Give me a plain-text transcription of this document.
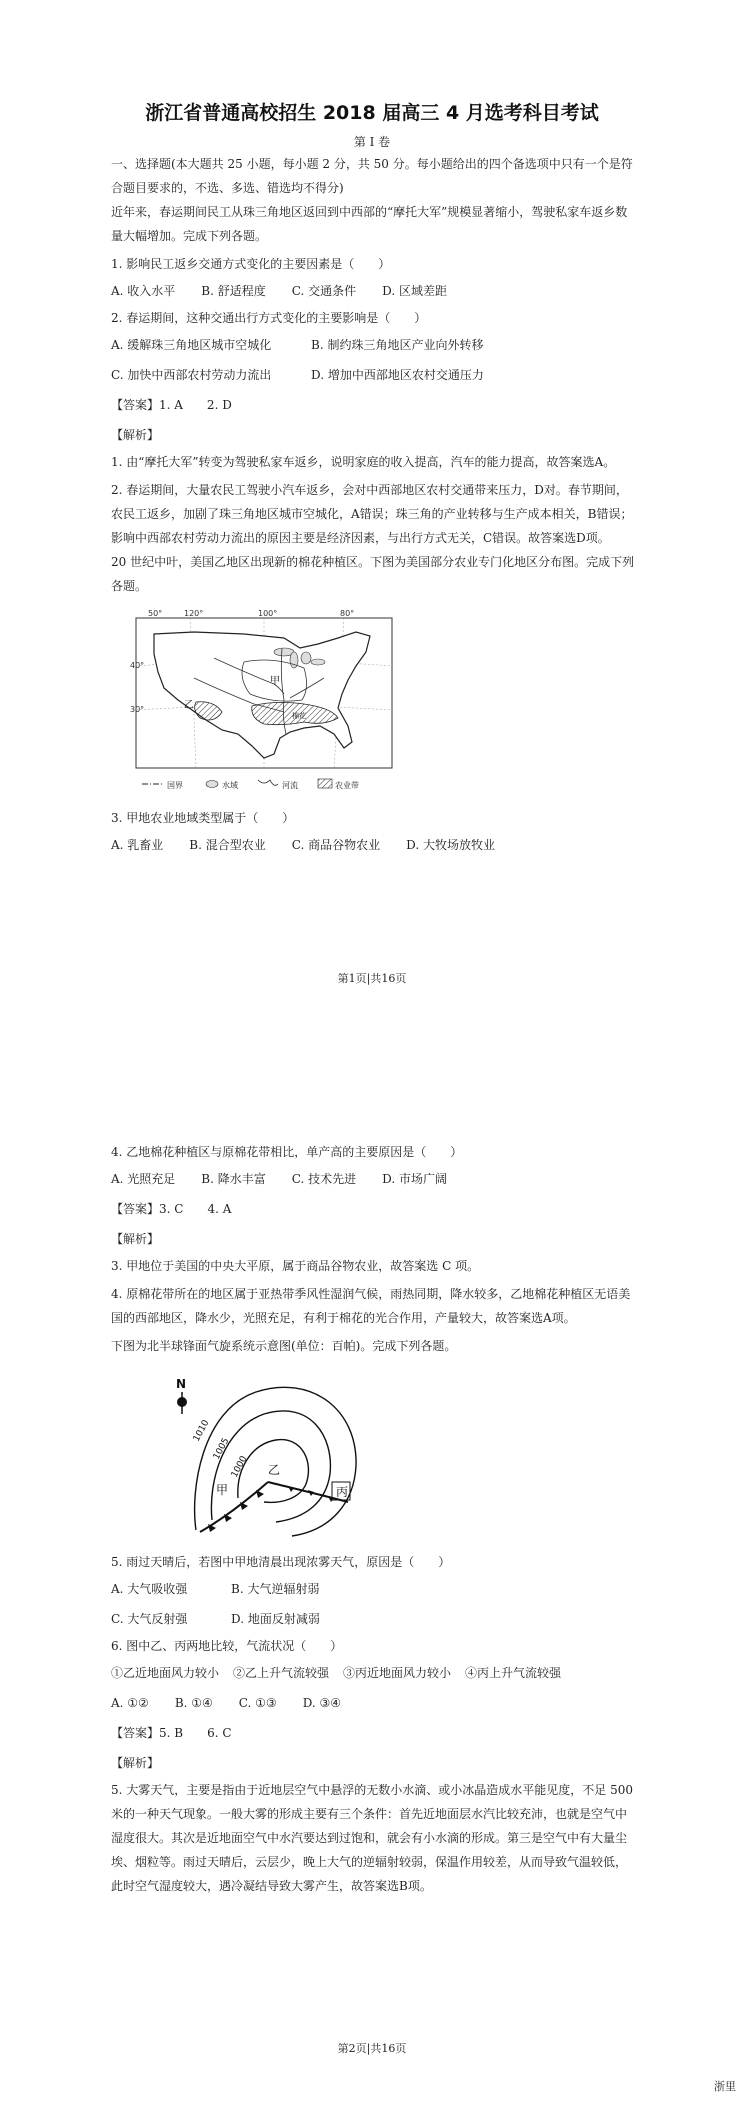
浙江省普通高校招生 2018 届高三 4 月选考科目考试
第 I 卷

一、选择题(本大题共 25 小题，每小题 2 分，共 50 分。每小题给出的四个备选项中只有一个是符合题目要求的，不选、多选、错选均不得分)

近年来，春运期间民工从珠三角地区返回到中西部的“摩托大军”规模显著缩小，驾驶私家车返乡数量大幅增加。完成下列各题。

1. 影响民工返乡交通方式变化的主要因素是（　　）

A. 收入水平 B. 舒适程度 C. 交通条件 D. 区域差距

2. 春运期间，这种交通出行方式变化的主要影响是（　　）

A. 缓解珠三角地区城市空城化	B. 制约珠三角地区产业向外转移
C. 加快中西部农村劳动力流出	D. 增加中西部地区农村交通压力
【答案】1. A　　2. D
【解析】

1. 由“摩托大军”转变为驾驶私家车返乡，说明家庭的收入提高，汽车的能力提高，故答案选A。

2. 春运期间，大量农民工驾驶小汽车返乡，会对中西部地区农村交通带来压力，D对。春节期间，农民工返乡，加剧了珠三角地区城市空城化，A错误；珠三角的产业转移与生产成本相关，B错误；影响中西部农村劳动力流出的原因主要是经济因素，与出行方式无关，C错误。故答案选D项。

20 世纪中叶，美国乙地区出现新的棉花种植区。下图为美国部分农业专门化地区分布图。完成下列各题。

50°	120°	100°	80°
40°
30°
甲
乙
棉花
国界	水域	河流	农业带

3. 甲地农业地域类型属于（　　）

A. 乳畜业 B. 混合型农业 C. 商品谷物农业 D. 大牧场放牧业
第1页|共16页

4. 乙地棉花种植区与原棉花带相比，单产高的主要原因是（　　）

A. 光照充足 B. 降水丰富 C. 技术先进 D. 市场广阔
【答案】3. C　　4. A
【解析】

3. 甲地位于美国的中央大平原，属于商品谷物农业，故答案选 C 项。

4. 原棉花带所在的地区属于亚热带季风性湿润气候，雨热同期，降水较多，乙地棉花种植区无语美国的西部地区，降水少，光照充足，有利于棉花的光合作用，产量较大，故答案选A项。

下图为北半球锋面气旋系统示意图(单位：百帕)。完成下列各题。

N
1010
1005
1000
甲
乙
丙

5. 雨过天晴后，若图中甲地清晨出现浓雾天气，原因是（　　）

A. 大气吸收强	B. 大气逆辐射弱
C. 大气反射强	D. 地面反射减弱

6. 图中乙、丙两地比较，气流状况（　　）

①乙近地面风力较小 ②乙上升气流较强 ③丙近地面风力较小 ④丙上升气流较强
A. ①② B. ①④ C. ①③ D. ③④
【答案】5. B　　6. C
【解析】

5. 大雾天气，主要是指由于近地层空气中悬浮的无数小水滴、或小冰晶造成水平能见度，不足 500 米的一种天气现象。一般大雾的形成主要有三个条件：首先近地面层水汽比较充沛，也就是空气中湿度很大。其次是近地面空气中水汽要达到过饱和，就会有小水滴的形成。第三是空气中有大量尘埃、烟粒等。雨过天晴后，云层少，晚上大气的逆辐射较弱，保温作用较差，从而导致气温较低，此时空气湿度较大，遇冷凝结导致大雾产生，故答案选B项。

第2页|共16页
浙里
